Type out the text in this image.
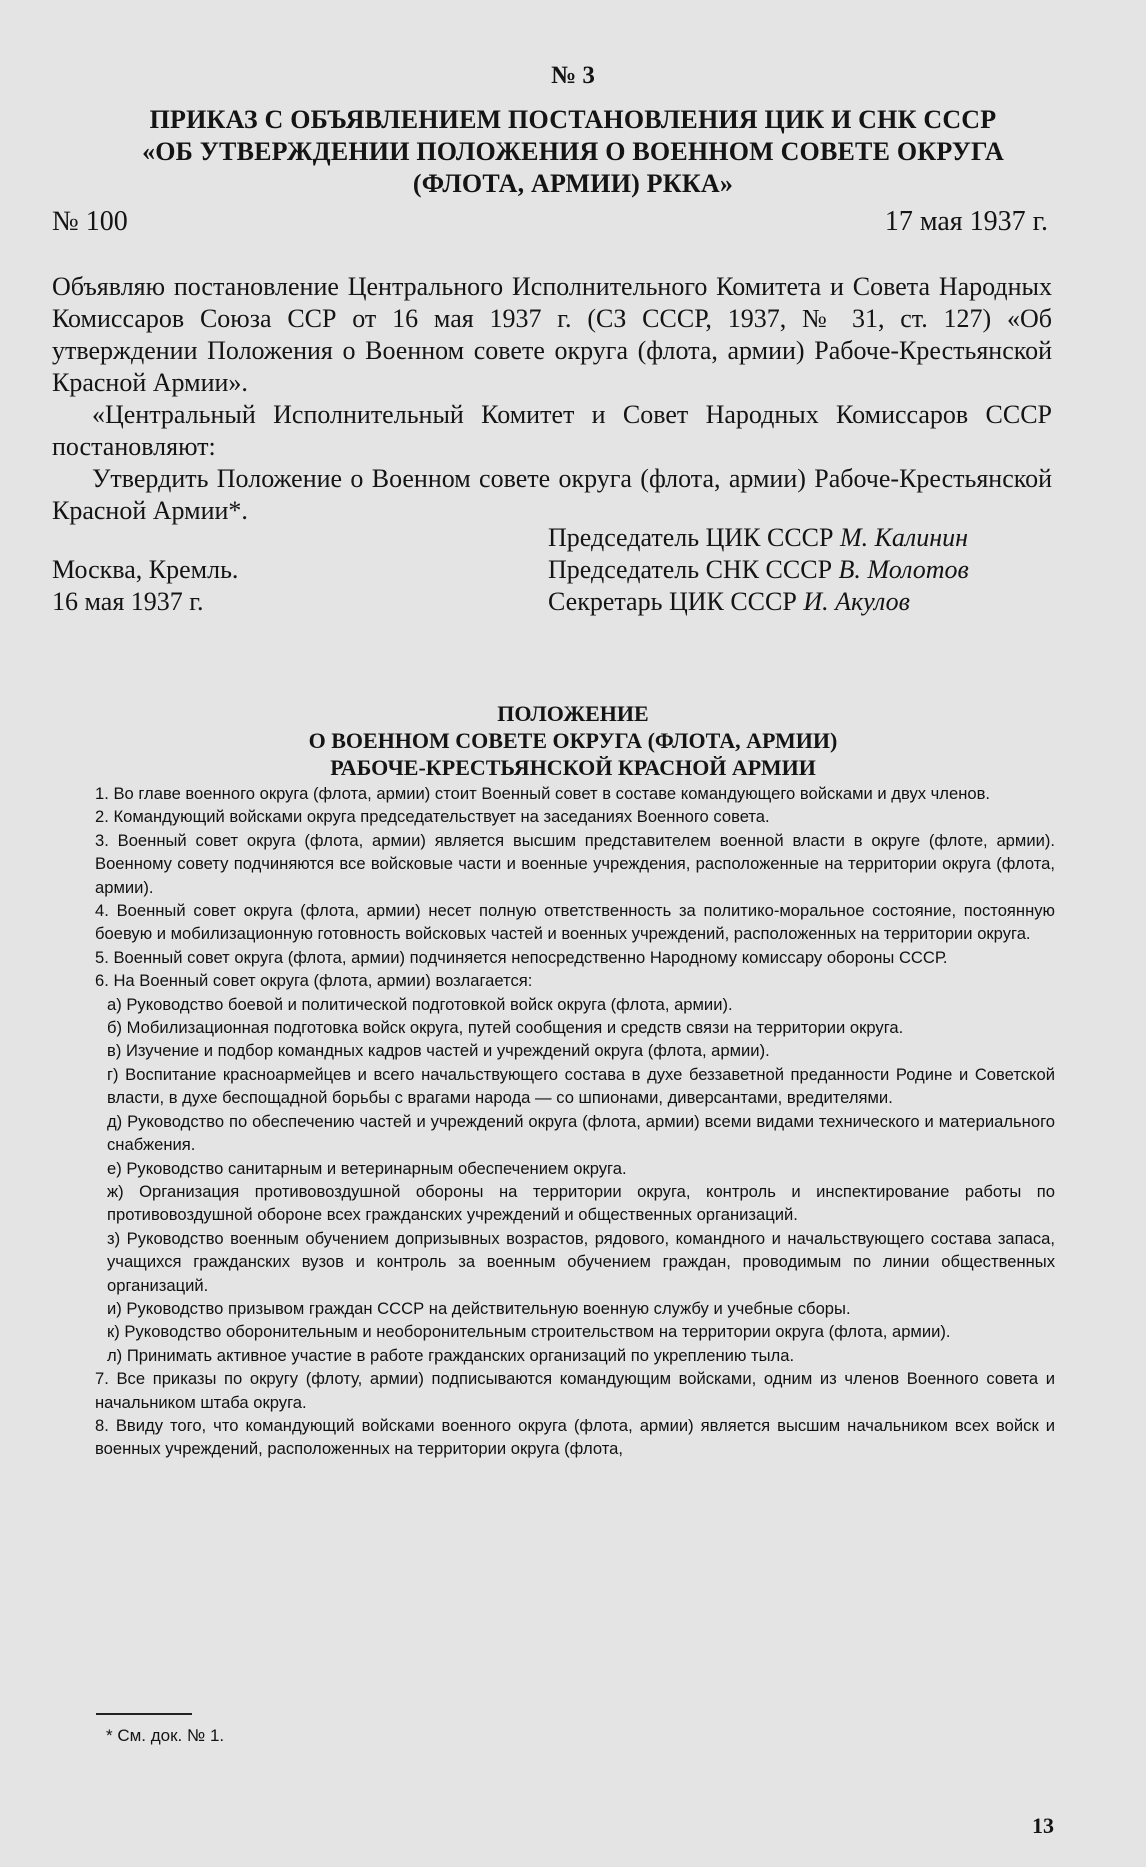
№ 3
ПРИКАЗ С ОБЪЯВЛЕНИЕМ ПОСТАНОВЛЕНИЯ ЦИК И СНК СССР
«ОБ УТВЕРЖДЕНИИ ПОЛОЖЕНИЯ О ВОЕННОМ СОВЕТЕ ОКРУГА
(ФЛОТА, АРМИИ) РККА»
№ 100	17 мая 1937 г.

Объявляю постановление Центрального Исполнительного Комитета и Совета Народных Комиссаров Союза ССР от 16 мая 1937 г. (СЗ СССР, 1937, № 31, ст. 127) «Об утверждении Положения о Военном совете округа (флота, армии) Рабоче-Крестьянской Красной Армии».

«Центральный Исполнительный Комитет и Совет Народных Комиссаров СССР постановляют:

Утвердить Положение о Военном совете округа (флота, армии) Рабоче-Крестьянской Красной Армии*.

Москва, Кремль.
16 мая 1937 г.
Председатель ЦИК СССР М. Калинин
Председатель СНК СССР В. Молотов
Секретарь ЦИК СССР И. Акулов
ПОЛОЖЕНИЕ
О ВОЕННОМ СОВЕТЕ ОКРУГА (ФЛОТА, АРМИИ)
РАБОЧЕ-КРЕСТЬЯНСКОЙ КРАСНОЙ АРМИИ

1. Во главе военного округа (флота, армии) стоит Военный совет в составе командующего войсками и двух членов.

2. Командующий войсками округа председательствует на заседаниях Военного совета.

3. Военный совет округа (флота, армии) является высшим представителем военной власти в округе (флоте, армии). Военному совету подчиняются все войсковые части и военные учреждения, расположенные на территории округа (флота, армии).

4. Военный совет округа (флота, армии) несет полную ответственность за политико-моральное состояние, постоянную боевую и мобилизационную готовность войсковых частей и военных учреждений, расположенных на территории округа.

5. Военный совет округа (флота, армии) подчиняется непосредственно Народному комиссару обороны СССР.

6. На Военный совет округа (флота, армии) возлагается:

а) Руководство боевой и политической подготовкой войск округа (флота, армии).

б) Мобилизационная подготовка войск округа, путей сообщения и средств связи на территории округа.

в) Изучение и подбор командных кадров частей и учреждений округа (флота, армии).

г) Воспитание красноармейцев и всего начальствующего состава в духе беззаветной преданности Родине и Советской власти, в духе беспощадной борьбы с врагами народа — со шпионами, диверсантами, вредителями.

д) Руководство по обеспечению частей и учреждений округа (флота, армии) всеми видами технического и материального снабжения.

е) Руководство санитарным и ветеринарным обеспечением округа.

ж) Организация противовоздушной обороны на территории округа, контроль и инспектирование работы по противовоздушной обороне всех гражданских учреждений и общественных организаций.

з) Руководство военным обучением допризывных возрастов, рядового, командного и начальствующего состава запаса, учащихся гражданских вузов и контроль за военным обучением граждан, проводимым по линии общественных организаций.

и) Руководство призывом граждан СССР на действительную военную службу и учебные сборы.

к) Руководство оборонительным и необоронительным строительством на территории округа (флота, армии).

л) Принимать активное участие в работе гражданских организаций по укреплению тыла.

7. Все приказы по округу (флоту, армии) подписываются командующим войсками, одним из членов Военного совета и начальником штаба округа.

8. Ввиду того, что командующий войсками военного округа (флота, армии) является высшим начальником всех войск и военных учреждений, расположенных на территории округа (флота,

* См. док. № 1.
13
